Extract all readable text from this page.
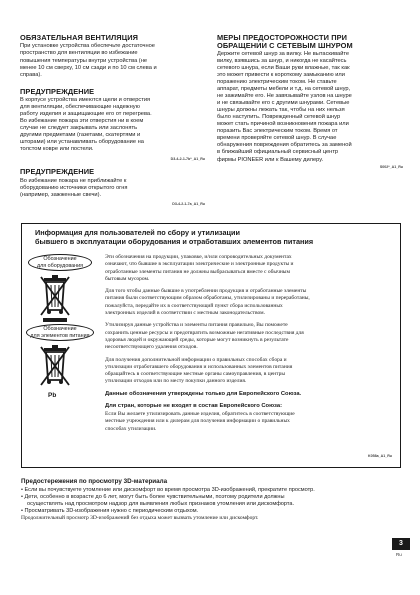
ОБЯЗАТЕЛЬНАЯ ВЕНТИЛЯЦИЯ
При установке устройства обеспечьте достаточное
пространство для вентиляции во избежание
повышения температуры внутри устройства (не
менее 10 см сверху, 10 см сзади и по 10 см слева и
справа).
ПРЕДУПРЕЖДЕНИЕ
В корпусе устройства имеются щели и отверстия
для вентиляции, обеспечивающие надежную
работу изделия и защищающие его от перегрева.
Во избежание пожара эти отверстия ни в коем
случае не следует закрывать или заслонять
другими предметами (газетами, скатертями и
шторами) или устанавливать оборудование на
толстом ковре или постели.
D3-4-2-1-7b*_A1_Ru
ПРЕДУПРЕЖДЕНИЕ
Во избежание пожара не приближайте к
оборудованию источники открытого огня
(например, зажженные свечи).
D3-4-2-1-7a_A1_Ru
МЕРЫ ПРЕДОСТОРОЖНОСТИ ПРИ
ОБРАЩЕНИИ С СЕТЕВЫМ ШНУРОМ
Держите сетевой шнур за вилку. Не вытаскивайте
вилку, взявшись за шнур, и никогда не касайтесь
сетевого шнура, если Ваши руки влажные, так как
это может привести к короткому замыканию или
поражению электрическим током. Не ставьте
аппарат, предметы мебели и т.д. на сетевой шнур,
не зажимайте его. Не завязывайте узлов на шнуре
и не связывайте его с другими шнурами. Сетевые
шнуры должны лежать так, чтобы на них нельзя
было наступить. Поврежденный сетевой шнур
может стать причиной возникновения пожара или
поразить Вас электрическим током. Время от
времени проверяйте сетевой шнур. В случае
обнаружения повреждения обратитесь за заменой
в ближайший официальный сервисный центр
фирмы PIONEER или к Вашему дилеру.
S002*_A1_Ru
Информация для пользователей по сбору и утилизации
бывшего в эксплуатации оборудования и отработавших элементов питания
Обозначение
для оборудования
Обозначение
для элементов питания
Pb
Эти обозначения на продукции, упаковке, и/или сопроводительных документах
означают, что бывшие в эксплуатации электрические и электронные продукты и
отработанные элементы питания не должны выбрасываться вместе с обычным
бытовым мусором.
Для того чтобы данные бывшие в употреблении продукция и отработанные элементы
питания были соответствующим образом обработаны, утилизированы и переработаны,
пожалуйста, передайте их в соответствующий пункт сбора использованных
электронных изделий в соответствии с местным законодательством.
Утилизируя данные устройства и элементы питания правильно, Вы поможете
сохранить ценные ресурсы и предотвратить возможные негативные последствия для
здоровья людей и окружающей среды, которые могут возникнуть в результате
несоответствующего удаления отходов.
Для получения дополнительной информации о правильных способах сбора и
утилизации отработавшего оборудования и использованных элементов питания
обращайтесь в соответствующие местные органы самоуправления, в центры
утилизации отходов или по месту покупки данного изделия.
Данные обозначения утверждены только для Европейского Союза.
Для стран, которые не входят в состав Европейского Союза:
Если Вы желаете утилизировать данные изделия, обратитесь в соответствующие
местные учреждения или к дилерам для получения информации о правильных
способах утилизации.
K058a_A1_Ru
Предостережения по просмотру 3D-материала
• Если вы почувствуете утомление или дискомфорт во время просмотра 3D-изображений, прекратите просмотр.
• Дети, особенно в возрасте до 6 лет, могут быть более чувствительными, поэтому родители должны
осуществлять над просмотром надзор для выявления любых признаков утомления или дискомфорта.
• Просматривать 3D-изображения нужно с периодическим отдыхом.
Продолжительный просмотр 3D-изображений без отдыха может вызвать утомление или дискомфорт.
3
Ru
